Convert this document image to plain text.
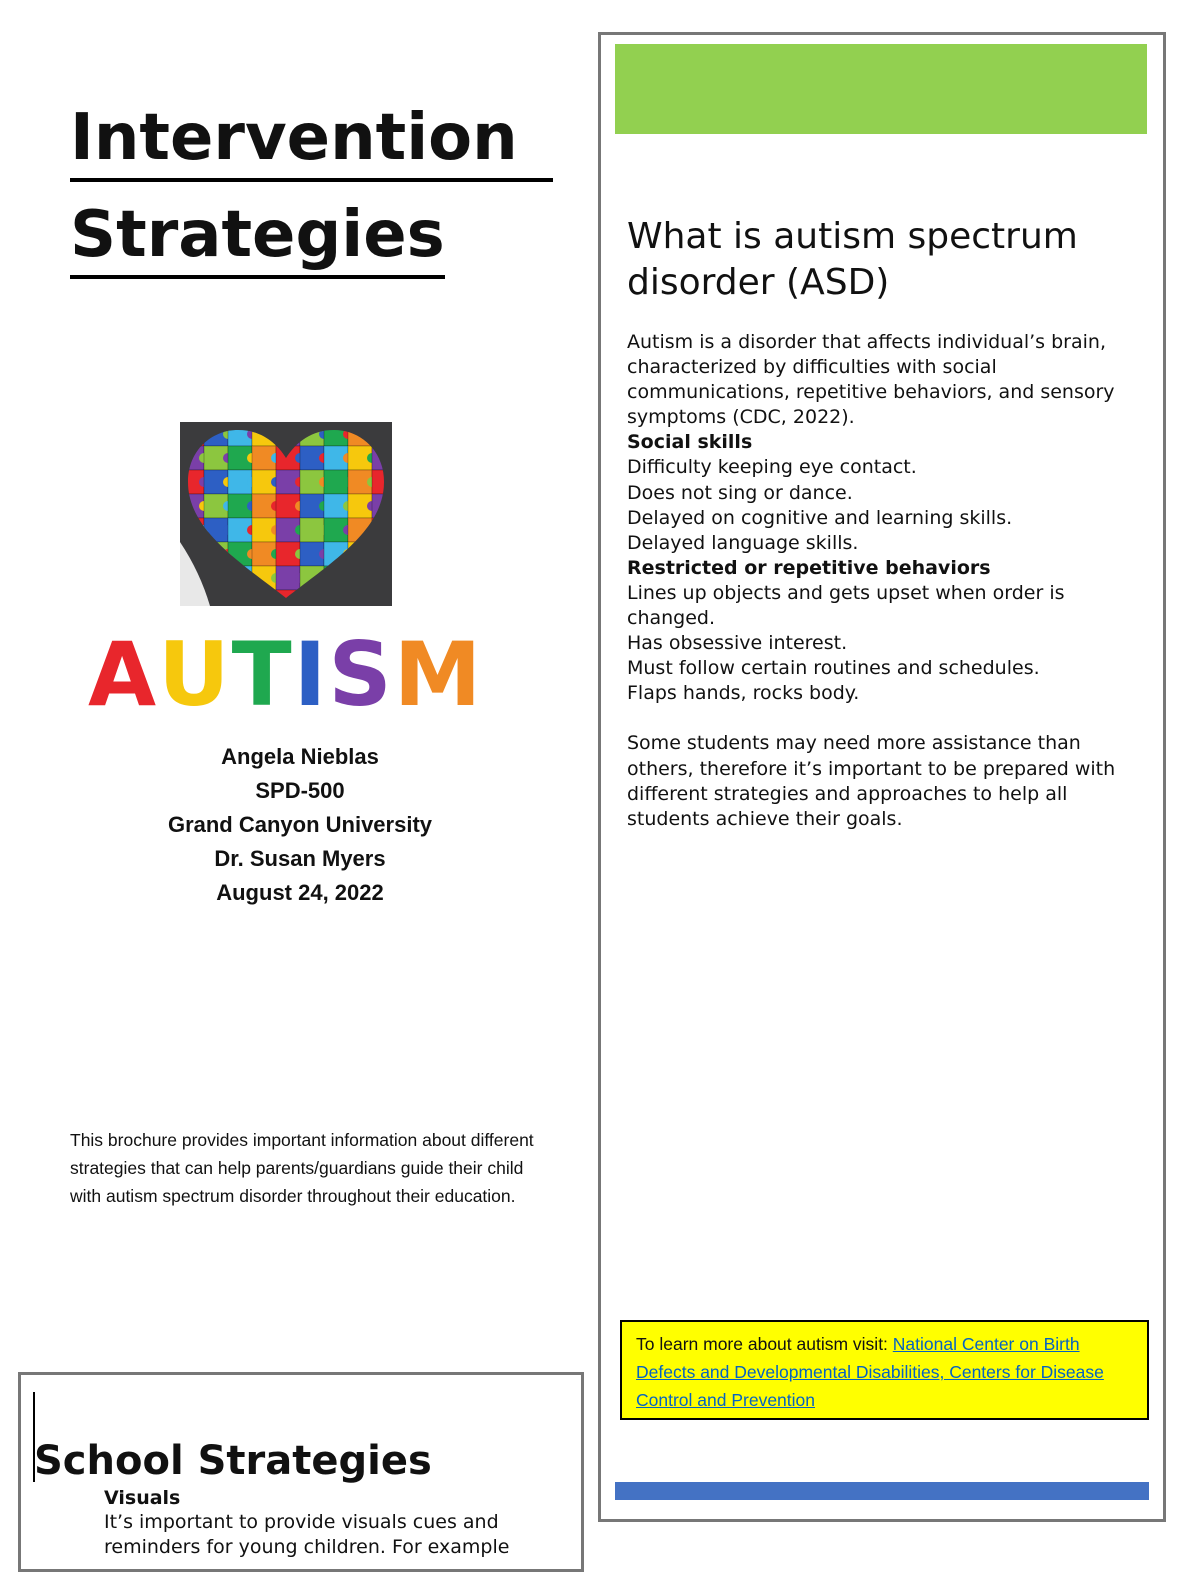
Intervention
Strategies
AUTISM
Angela Nieblas
SPD-500
Grand Canyon University
Dr. Susan Myers
August 24, 2022
This brochure provides important information about different strategies that can help parents/guardians guide their child with autism spectrum disorder throughout their education.
School Strategies
Visuals
It’s important to provide visuals cues and reminders for young children. For example
What is autism spectrum disorder (ASD)

Autism is a disorder that affects individual’s brain, characterized by difficulties with social communications, repetitive behaviors, and sensory symptoms (CDC, 2022).

Social skills

Difficulty keeping eye contact.

Does not sing or dance.

Delayed on cognitive and learning skills.

Delayed language skills.

Restricted or repetitive behaviors

Lines up objects and gets upset when order is changed.

Has obsessive interest.

Must follow certain routines and schedules.

Flaps hands, rocks body.

Some students may need more assistance than others, therefore it’s important to be prepared with different strategies and approaches to help all students achieve their goals.

To learn more about autism visit: National Center on Birth Defects and Developmental Disabilities, Centers for Disease Control and Prevention
